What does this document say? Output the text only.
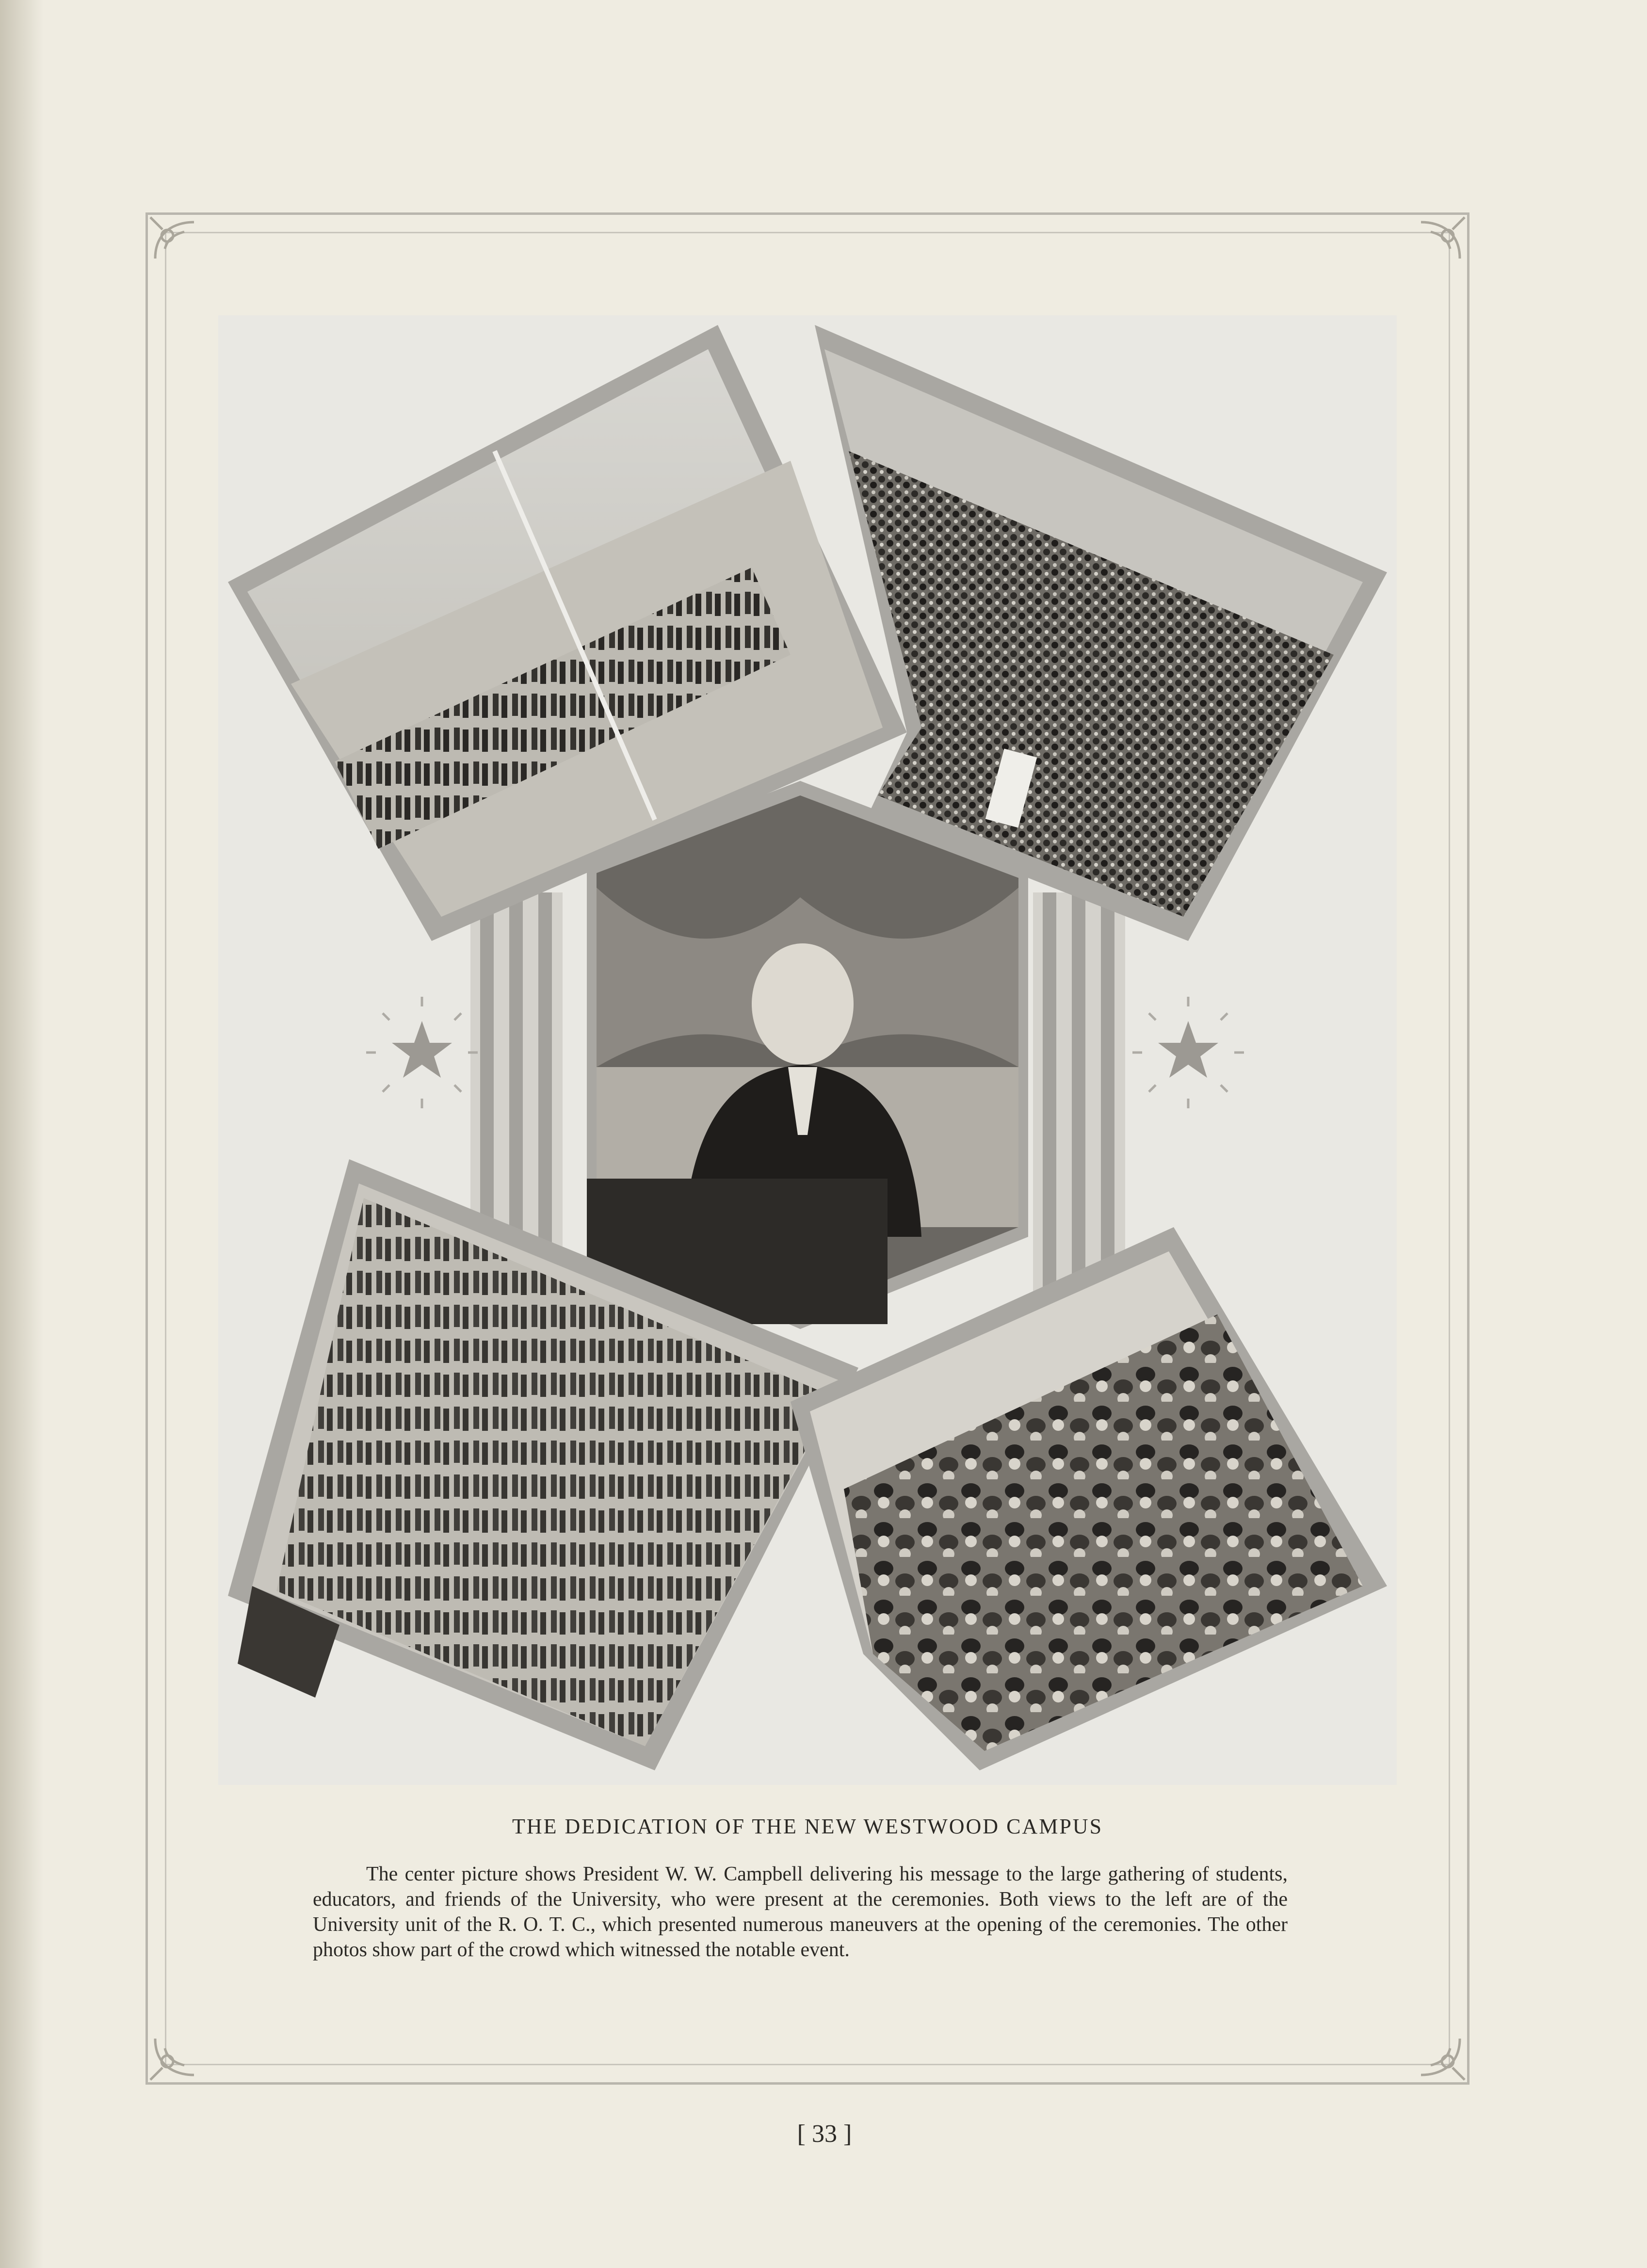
THE DEDICATION OF THE NEW WESTWOOD CAMPUS

The center picture shows President W. W. Campbell delivering his message to the large gathering of students, educators, and friends of the University, who were present at the ceremonies. Both views to the left are of the University unit of the R. O. T. C., which presented numerous maneuvers at the opening of the ceremonies. The other photos show part of the crowd which witnessed the notable event.

[ 33 ]
